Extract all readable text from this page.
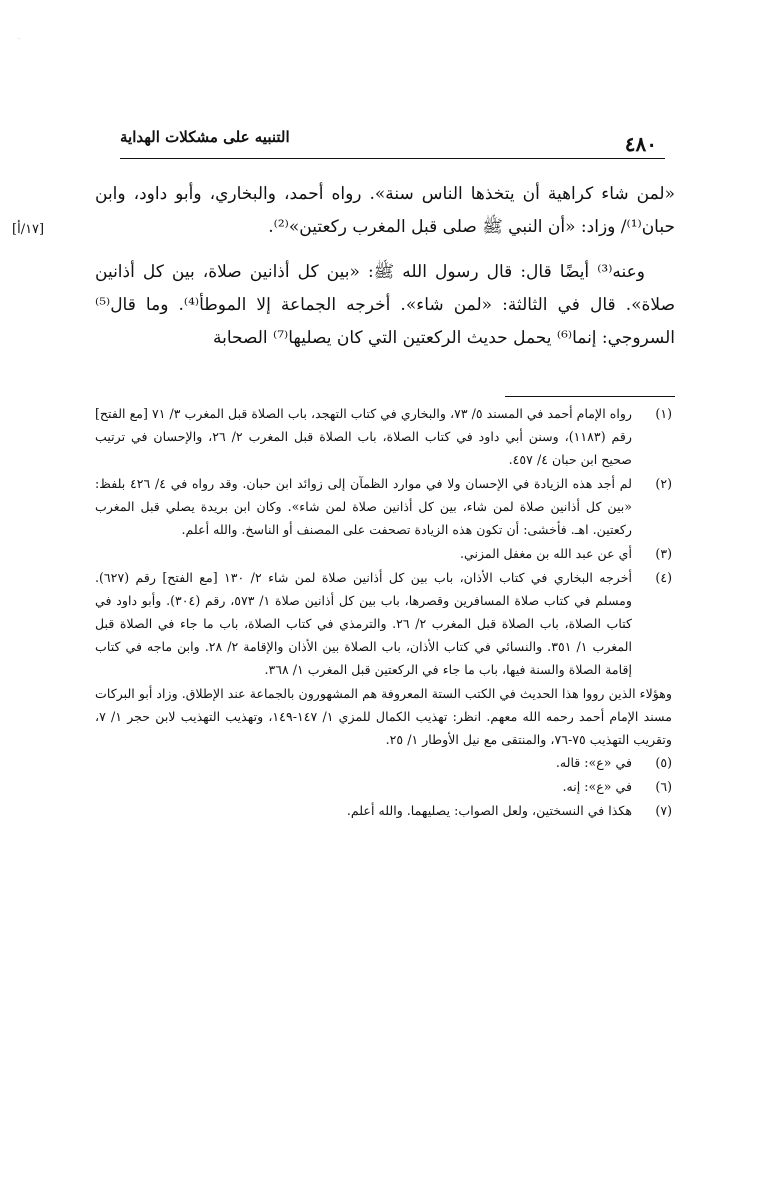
·
٤٨٠
التنبيه على مشكلات الهداية
[١٧/أ]

«لمن شاء كراهية أن يتخذها الناس سنة». رواه أحمد، والبخاري، وأبو داود، وابن حبان⁽¹⁾/ وزاد: «أن النبي ﷺ صلى قبل المغرب ركعتين»⁽²⁾.

وعنه⁽³⁾ أيضًا قال: قال رسول الله ﷺ: «بين كل أذانين صلاة، بين كل أذانين صلاة». قال في الثالثة: «لمن شاء». أخرجه الجماعة إلا الموطأ⁽⁴⁾. وما قال⁽⁵⁾ السروجي: إنما⁽⁶⁾ يحمل حديث الركعتين التي كان يصليها⁽⁷⁾ الصحابة

(١)

رواه الإمام أحمد في المسند ٥/ ٧٣، والبخاري في كتاب التهجد، باب الصلاة قبل المغرب ٣/ ٧١ [مع الفتح] رقم (١١٨٣)، وسنن أبي داود في كتاب الصلاة، باب الصلاة قبل المغرب ٢/ ٢٦، والإحسان في ترتيب صحيح ابن حبان ٤/ ٤٥٧.

(٢)

لم أجد هذه الزيادة في الإحسان ولا في موارد الظمآن إلى زوائد ابن حبان. وقد رواه في ٤/ ٤٢٦ بلفظ: «بين كل أذانين صلاة لمن شاء، بين كل أذانين صلاة لمن شاء». وكان ابن بريدة يصلي قبل المغرب ركعتين. اهـ. فأخشى: أن تكون هذه الزيادة تصحفت على المصنف أو الناسخ. والله أعلم.

(٣)

أي عن عبد الله بن مغفل المزني.

(٤)

أخرجه البخاري في كتاب الأذان، باب بين كل أذانين صلاة لمن شاء ٢/ ١٣٠ [مع الفتح] رقم (٦٢٧). ومسلم في كتاب صلاة المسافرين وقصرها، باب بين كل أذانين صلاة ١/ ٥٧٣، رقم (٣٠٤). وأبو داود في كتاب الصلاة، باب الصلاة قبل المغرب ٢/ ٢٦. والترمذي في كتاب الصلاة، باب ما جاء في الصلاة قبل المغرب ١/ ٣٥١. والنسائي في كتاب الأذان، باب الصلاة بين الأذان والإقامة ٢/ ٢٨. وابن ماجه في كتاب إقامة الصلاة والسنة فيها، باب ما جاء في الركعتين قبل المغرب ١/ ٣٦٨.

وهؤلاء الذين رووا هذا الحديث في الكتب الستة المعروفة هم المشهورون بالجماعة عند الإطلاق. وزاد أبو البركات مسند الإمام أحمد رحمه الله معهم. انظر: تهذيب الكمال للمزي ١/ ١٤٧-١٤٩، وتهذيب التهذيب لابن حجر ١/ ٧، وتقريب التهذيب ٧٥-٧٦، والمنتقى مع نيل الأوطار ١/ ٢٥.

(٥)

في «ع»: قاله.

(٦)

في «ع»: إنه.

(٧)

هكذا في النسختين، ولعل الصواب: يصليهما. والله أعلم.
